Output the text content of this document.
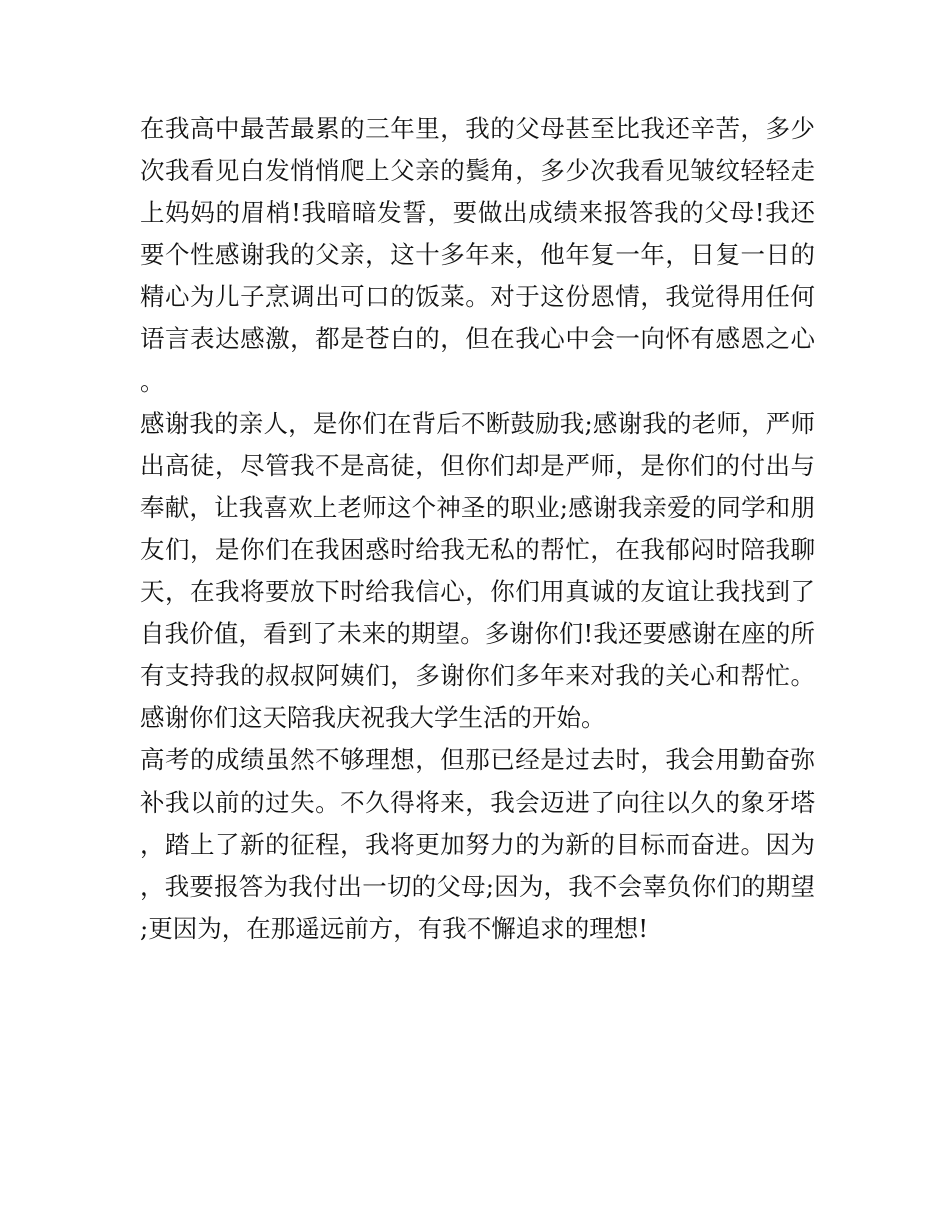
在我高中最苦最累的三年里，我的父母甚至比我还辛苦，多少次我看见白发悄悄爬上父亲的鬓角，多少次我看见皱纹轻轻走上妈妈的眉梢!我暗暗发誓，要做出成绩来报答我的父母!我还要个性感谢我的父亲，这十多年来，他年复一年，日复一日的精心为儿子烹调出可口的饭菜。对于这份恩情，我觉得用任何语言表达感激，都是苍白的，但在我心中会一向怀有感恩之心。

感谢我的亲人，是你们在背后不断鼓励我;感谢我的老师，严师出高徒，尽管我不是高徒，但你们却是严师，是你们的付出与奉献，让我喜欢上老师这个神圣的职业;感谢我亲爱的同学和朋友们，是你们在我困惑时给我无私的帮忙，在我郁闷时陪我聊天，在我将要放下时给我信心，你们用真诚的友谊让我找到了自我价值，看到了未来的期望。多谢你们!我还要感谢在座的所有支持我的叔叔阿姨们，多谢你们多年来对我的关心和帮忙。感谢你们这天陪我庆祝我大学生活的开始。

高考的成绩虽然不够理想，但那已经是过去时，我会用勤奋弥补我以前的过失。不久得将来，我会迈进了向往以久的象牙塔，踏上了新的征程，我将更加努力的为新的目标而奋进。因为，我要报答为我付出一切的父母;因为，我不会辜负你们的期望;更因为，在那遥远前方，有我不懈追求的理想!
